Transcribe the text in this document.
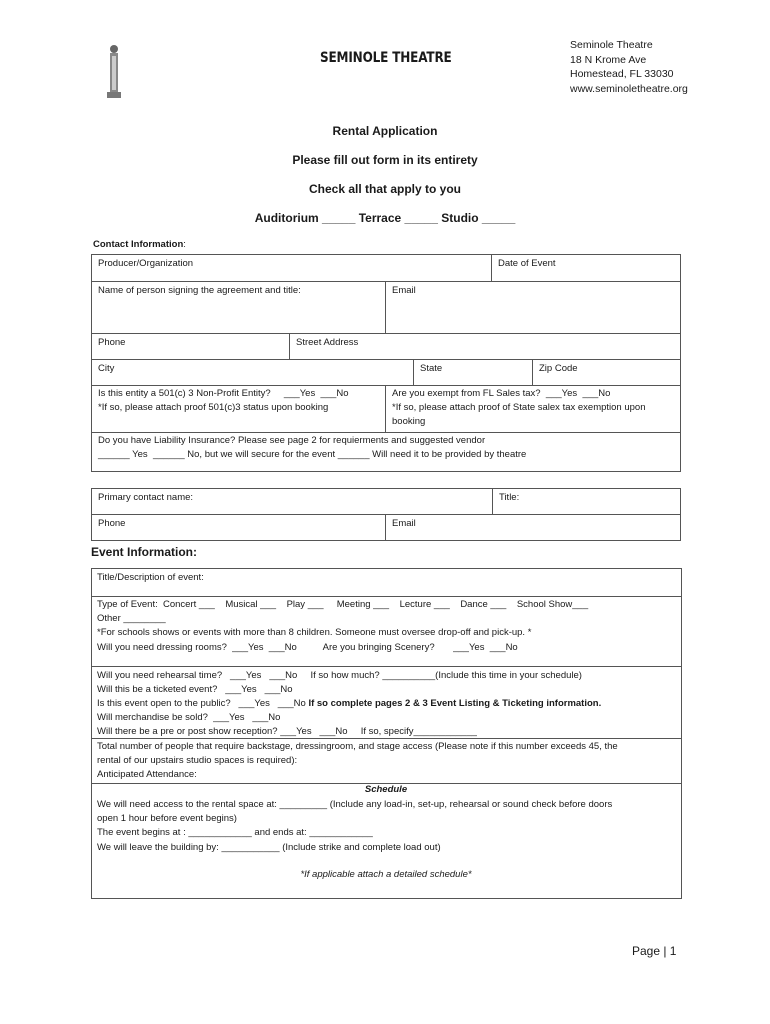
SEMINOLE THEATRE
Seminole Theatre
18 N Krome Ave
Homestead, FL 33030
www.seminoletheatre.org
Rental Application
Please fill out form in its entirety
Check all that apply to you
Auditorium _____ Terrace _____ Studio _____
Contact Information:
Producer/Organization	Date of Event
Name of person signing the agreement and title:	Email
Phone	Street Address
City	State	Zip Code
Is this entity a 501(c) 3 Non-Profit Entity?     ___Yes  ___No
*If so, please attach proof 501(c)3 status upon booking
Are you exempt from FL Sales tax?  ___Yes  ___No
*If so, please attach proof of State salex tax exemption upon
booking
Do you have Liability Insurance? Please see page 2 for requierments and suggested vendor
______ Yes  ______ No, but we will secure for the event ______ Will need it to be provided by theatre
Primary contact name:	Title:
Phone	Email
Event Information:
Title/Description of event:
Type of Event:  Concert ___    Musical ___    Play ___     Meeting ___    Lecture ___    Dance ___    School Show___
Other ________
*For schools shows or events with more than 8 children. Someone must oversee drop-off and pick-up. *
Will you need dressing rooms?  ___Yes  ___No          Are you bringing Scenery?       ___Yes  ___No
Will you need rehearsal time?   ___Yes   ___No     If so how much? __________(Include this time in your schedule)
Will this be a ticketed event?   ___Yes   ___No
Is this event open to the public?   ___Yes   ___No If so complete pages 2 & 3 Event Listing & Ticketing information.
Will merchandise be sold?  ___Yes   ___No
Will there be a pre or post show reception? ___Yes   ___No     If so, specify____________
Total number of people that require backstage, dressingroom, and stage access (Please note if this number exceeds 45, the
rental of our upstairs studio spaces is required):
Anticipated Attendance:
Schedule
We will need access to the rental space at: _________ (Include any load-in, set-up, rehearsal or sound check before doors
open 1 hour before event begins)
The event begins at : ____________ and ends at: ____________
We will leave the building by: ___________ (Include strike and complete load out)
*If applicable attach a detailed schedule*
Page | 1
